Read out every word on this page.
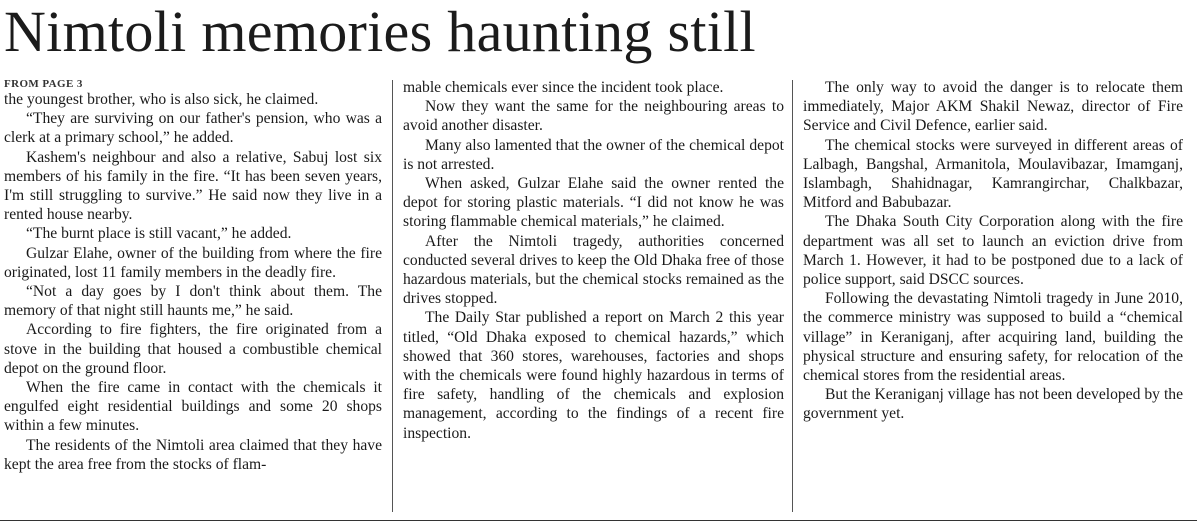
Nimtoli memories haunting still

FROM PAGE 3

the youngest brother, who is also sick, he claimed.

“They are surviving on our father's pension, who was a clerk at a primary school,” he added.

Kashem's neighbour and also a relative, Sabuj lost six members of his family in the fire. “It has been seven years, I'm still struggling to survive.” He said now they live in a rented house nearby.

“The burnt place is still vacant,” he added.

Gulzar Elahe, owner of the building from where the fire originated, lost 11 family members in the deadly fire.

“Not a day goes by I don't think about them. The memory of that night still haunts me,” he said.

According to fire fighters, the fire originated from a stove in the building that housed a combustible chemical depot on the ground floor.

When the fire came in contact with the chemicals it engulfed eight residential buildings and some 20 shops within a few minutes.

The residents of the Nimtoli area claimed that they have kept the area free from the stocks of flam-

mable chemicals ever since the incident took place.

Now they want the same for the neighbouring areas to avoid another disaster.

Many also lamented that the owner of the chemical depot is not arrested.

When asked, Gulzar Elahe said the owner rented the depot for storing plastic materials. “I did not know he was storing flammable chemical materials,” he claimed.

After the Nimtoli tragedy, authorities concerned conducted several drives to keep the Old Dhaka free of those hazardous materials, but the chemical stocks remained as the drives stopped.

The Daily Star published a report on March 2 this year titled, “Old Dhaka exposed to chemical hazards,” which showed that 360 stores, warehouses, factories and shops with the chemicals were found highly hazardous in terms of fire safety, handling of the chemicals and explosion management, according to the findings of a recent fire inspection.

The only way to avoid the danger is to relocate them immediately, Major AKM Shakil Newaz, director of Fire Service and Civil Defence, earlier said.

The chemical stocks were surveyed in different areas of Lalbagh, Bangshal, Armanitola, Moulavibazar, Imamganj, Islambagh, Shahidnagar, Kamrangirchar, Chalkbazar, Mitford and Babubazar.

The Dhaka South City Corporation along with the fire department was all set to launch an eviction drive from March 1. However, it had to be postponed due to a lack of police support, said DSCC sources.

Following the devastating Nimtoli tragedy in June 2010, the commerce ministry was supposed to build a “chemical village” in Keraniganj, after acquiring land, building the physical structure and ensuring safety, for relocation of the chemical stores from the residential areas.

But the Keraniganj village has not been developed by the government yet.
